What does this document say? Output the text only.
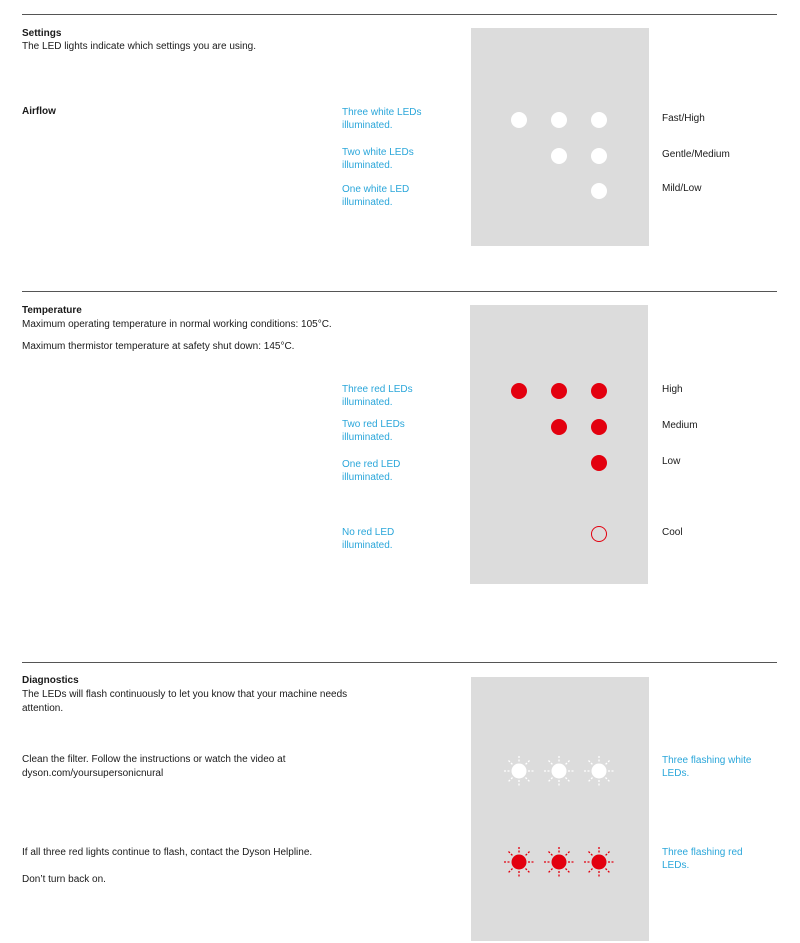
Settings
The LED lights indicate which settings you are using.
Airflow	Three white LEDs illuminated.
Fast/High
Two white LEDs illuminated.
Gentle/Medium
One white LED illuminated.
Mild/Low
Temperature
Maximum operating temperature in normal working conditions: 105°C.
Maximum thermistor temperature at safety shut down: 145°C.
Three red LEDs illuminated.
High
Two red LEDs illuminated.
Medium
One red LED illuminated.
Low
No red LED illuminated.
Cool
Diagnostics
The LEDs will flash continuously to let you know that your machine needs attention.
Clean the filter. Follow the instructions or watch the video at dyson.com/yoursupersonicnural
Three flashing white LEDs.
If all three red lights continue to flash, contact the Dyson Helpline.
Don’t turn back on.
Three flashing red LEDs.
